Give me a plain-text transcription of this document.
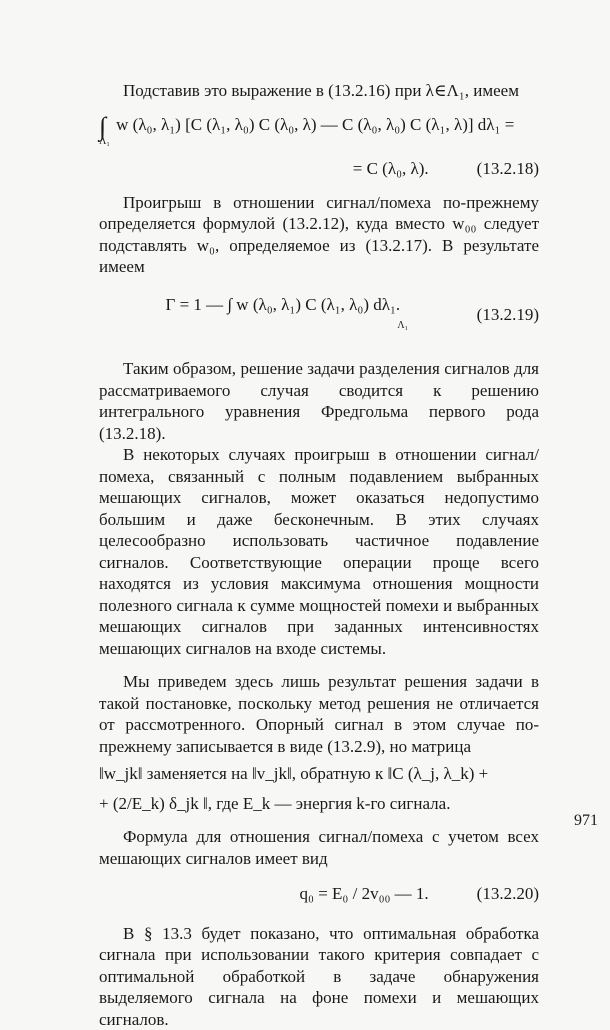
Подставив это выражение в (13.2.16) при λ∈Λ₁, имеем

∫Λ₁ w (λ₀, λ₁) [C (λ₁, λ₀) C (λ₀, λ) — C (λ₀, λ₀) C (λ₁, λ)] dλ₁ =
= C (λ₀, λ).	(13.2.18)

Проигрыш в отношении сигнал/помеха по-прежнему определяется формулой (13.2.12), куда вместо w₀₀ следует подставлять w₀, определяемое из (13.2.17). В результате имеем

Γ = 1 — ∫ w (λ₀, λ₁) C (λ₁, λ₀) dλ₁. Λ₁
(13.2.19)

Таким образом, решение задачи разделения сигналов для рассматриваемого случая сводится к решению интегрального уравнения Фредгольма первого рода (13.2.18).

В некоторых случаях проигрыш в отношении сигнал/помеха, связанный с полным подавлением выбранных мешающих сигналов, может оказаться недопустимо большим и даже бесконечным. В этих случаях целесообразно использовать частичное подавление сигналов. Соответствующие операции проще всего находятся из условия максимума отношения мощности полезного сигнала к сумме мощностей помехи и выбранных мешающих сигналов при заданных интенсивностях мешающих сигналов на входе системы.

Мы приведем здесь лишь результат решения задачи в такой постановке, поскольку метод решения не отличается от рассмотренного. Опорный сигнал в этом случае по-прежнему записывается в виде (13.2.9), но матрица

‖w_jk‖ заменяется на ‖v_jk‖, обратную к ‖C (λ_j, λ_k) +

+ (2/E_k) δ_jk ‖, где E_k — энергия k-го сигнала.

Формула для отношения сигнал/помеха с учетом всех мешающих сигналов имеет вид

q₀ = E₀ / 2v₀₀ — 1.	(13.2.20)

В § 13.3 будет показано, что оптимальная обработка сигнала при использовании такого критерия совпадает с оптимальной обработкой в задаче обнаружения выделяемого сигнала на фоне помехи и мешающих сигналов.

971
